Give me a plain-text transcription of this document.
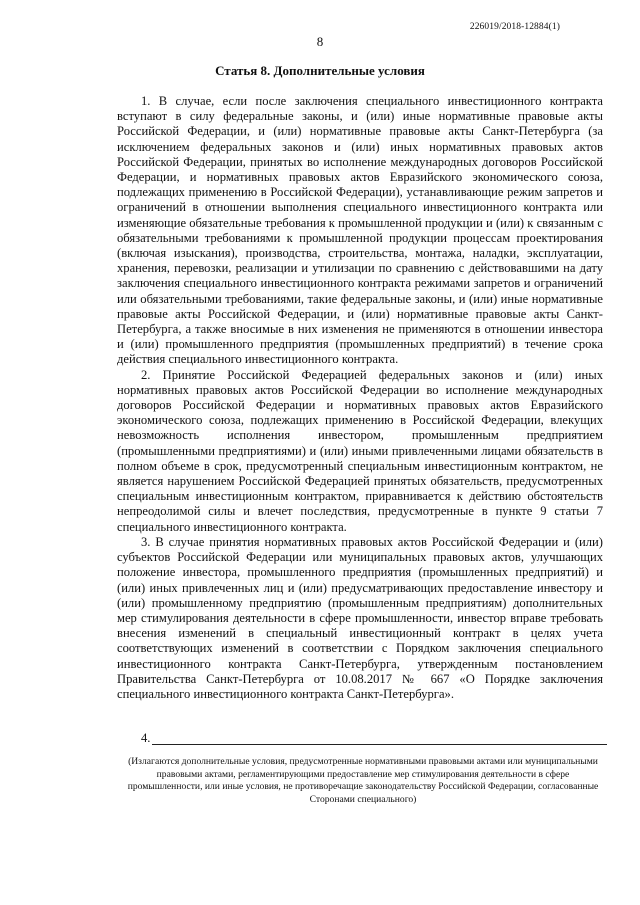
226019/2018-12884(1)
8
Статья 8. Дополнительные условия

1. В случае, если после заключения специального инвестиционного контракта вступают в силу федеральные законы, и (или) иные нормативные правовые акты Российской Федерации, и (или) нормативные правовые акты Санкт-Петербурга (за исключением федеральных законов и (или) иных нормативных правовых актов Российской Федерации, принятых во исполнение международных договоров Российской Федерации, и нормативных правовых актов Евразийского экономического союза, подлежащих применению в Российской Федерации), устанавливающие режим запретов и ограничений в отношении выполнения специального инвестиционного контракта или изменяющие обязательные требования к промышленной продукции и (или) к связанным с обязательными требованиями к промышленной продукции процессам проектирования (включая изыскания), производства, строительства, монтажа, наладки, эксплуатации, хранения, перевозки, реализации и утилизации по сравнению с действовавшими на дату заключения специального инвестиционного контракта режимами запретов и ограничений или обязательными требованиями, такие федеральные законы, и (или) иные нормативные правовые акты Российской Федерации, и (или) нормативные правовые акты Санкт-Петербурга, а также вносимые в них изменения не применяются в отношении инвестора и (или) промышленного предприятия (промышленных предприятий) в течение срока действия специального инвестиционного контракта.

2. Принятие Российской Федерацией федеральных законов и (или) иных нормативных правовых актов Российской Федерации во исполнение международных договоров Российской Федерации и нормативных правовых актов Евразийского экономического союза, подлежащих применению в Российской Федерации, влекущих невозможность исполнения инвестором, промышленным предприятием (промышленными предприятиями) и (или) иными привлеченными лицами обязательств в полном объеме в срок, предусмотренный специальным инвестиционным контрактом, не является нарушением Российской Федерацией принятых обязательств, предусмотренных специальным инвестиционным контрактом, приравнивается к действию обстоятельств непреодолимой силы и влечет последствия, предусмотренные в пункте 9 статьи 7 специального инвестиционного контракта.

3. В случае принятия нормативных правовых актов Российской Федерации и (или) субъектов Российской Федерации или муниципальных правовых актов, улучшающих положение инвестора, промышленного предприятия (промышленных предприятий) и (или) иных привлеченных лиц и (или) предусматривающих предоставление инвестору и (или) промышленному предприятию (промышленным предприятиям) дополнительных мер стимулирования деятельности в сфере промышленности, инвестор вправе требовать внесения изменений в специальный инвестиционный контракт в целях учета соответствующих изменений в соответствии с Порядком заключения специального инвестиционного контракта Санкт-Петербурга, утвержденным постановлением Правительства Санкт-Петербурга от 10.08.2017 № 667 «О Порядке заключения специального инвестиционного контракта Санкт-Петербурга».

4.
(Излагаются дополнительные условия, предусмотренные нормативными правовыми актами или муниципальными правовыми актами, регламентирующими предоставление мер стимулирования деятельности в сфере промышленности, или иные условия, не противоречащие законодательству Российской Федерации, согласованные Сторонами специального)
